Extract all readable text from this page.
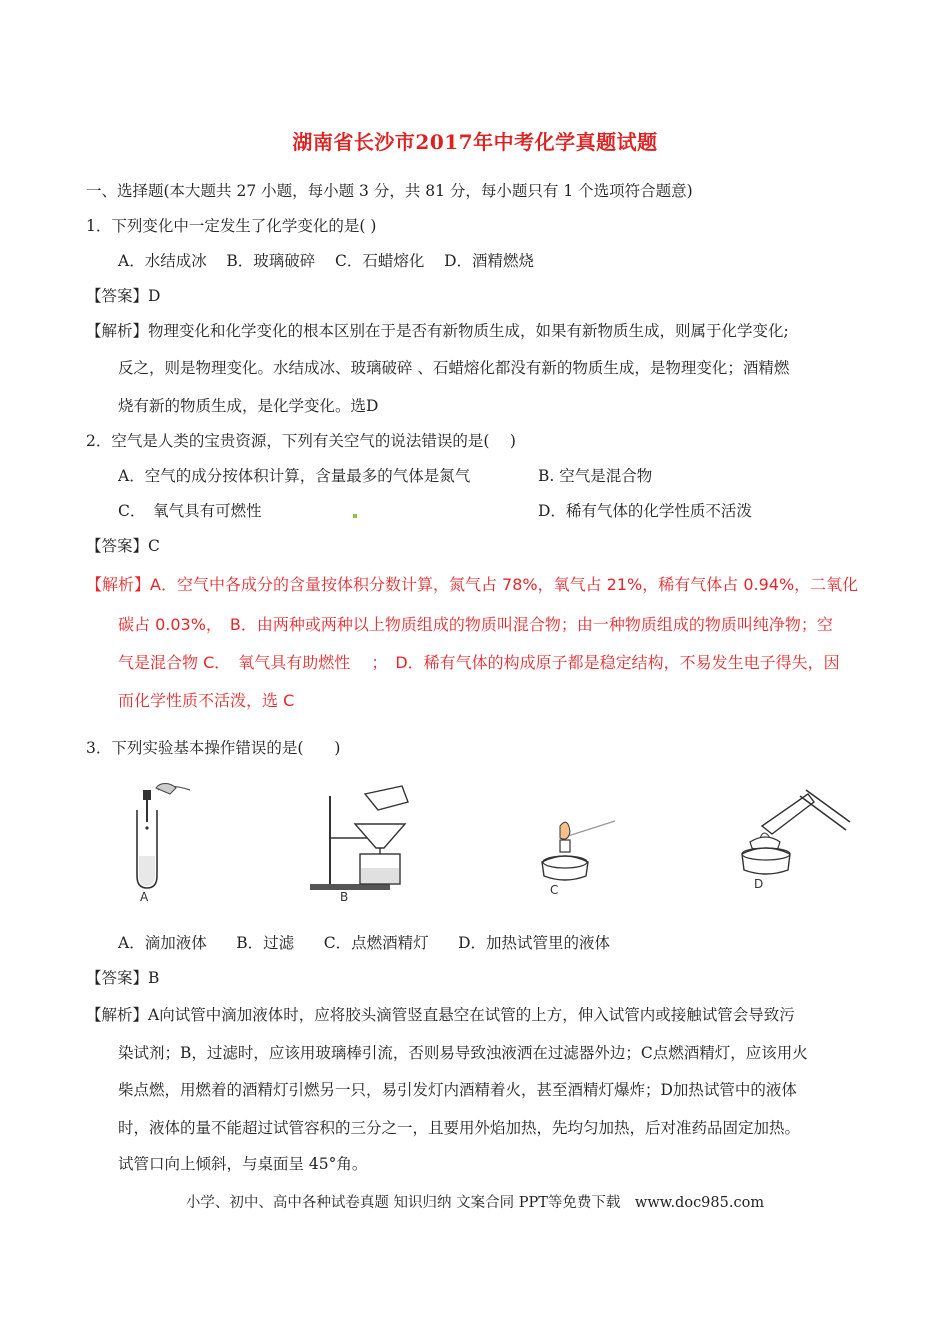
湖南省长沙市2017年中考化学真题试题
一、选择题(本大题共 27 小题，每小题 3 分，共 81 分，每小题只有 1 个选项符合题意)
1．下列变化中一定发生了化学变化的是( )
A．水结成冰    B．玻璃破碎    C．石蜡熔化    D．酒精燃烧
【答案】D
【解析】物理变化和化学变化的根本区别在于是否有新物质生成，如果有新物质生成，则属于化学变化;
反之，则是物理变化。水结成冰、玻璃破碎 、石蜡熔化都没有新的物质生成，是物理变化；酒精燃
烧有新的物质生成，是化学变化。选D
2．空气是人类的宝贵资源，下列有关空气的说法错误的是(　 )
A．空气的成分按体积计算，含量最多的气体是氮气	B. 空气是混合物
C．　氧气具有可燃性	D．稀有气体的化学性质不活泼
【答案】C
【解析】A．空气中各成分的含量按体积分数计算，氮气占 78%，氧气占 21%，稀有气体占 0.94%，二氧化
碳占 0.03%，　B．由两种或两种以上物质组成的物质叫混合物；由一种物质组成的物质叫纯净物；空
气是混合物 C．　氧气具有助燃性　 ；　D．稀有气体的构成原子都是稳定结构，不易发生电子得失，因
而化学性质不活泼，选 C
3．下列实验基本操作错误的是(　　)
A	B	C	D
A．滴加液体      B．过滤      C．点燃酒精灯      D．加热试管里的液体
【答案】B
【解析】A向试管中滴加液体时，应将胶头滴管竖直悬空在试管的上方，伸入试管内或接触试管会导致污
染试剂；B，过滤时，应该用玻璃棒引流，否则易导致浊液洒在过滤器外边；C点燃酒精灯，应该用火
柴点燃，用燃着的酒精灯引燃另一只，易引发灯内酒精着火，甚至酒精灯爆炸；D加热试管中的液体
时，液体的量不能超过试管容积的三分之一，且要用外焰加热，先均匀加热，后对准药品固定加热。
试管口向上倾斜，与桌面呈 45°角。
小学、初中、高中各种试卷真题 知识归纳 文案合同 PPT等免费下载　www.doc985.com
